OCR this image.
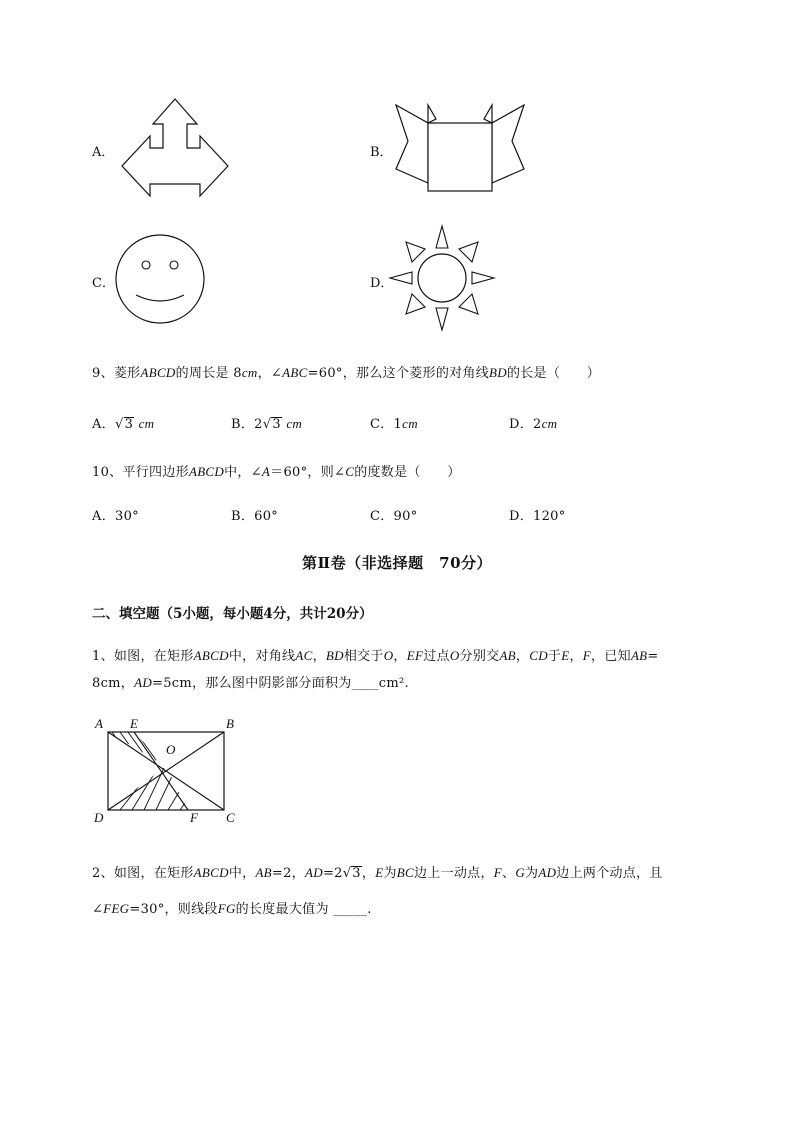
A．	B．
C．	D．
9、菱形ABCD的周长是 8cm，∠ABC=60°，那么这个菱形的对角线BD的长是（　　）
A．√3 cm	B．2√3 cm	C．1cm	D．2cm
10、平行四边形ABCD中，∠A＝60°，则∠C的度数是（　　）
A．30°	B．60°	C．90°	D．120°
第Ⅱ卷（非选择题　70分）
二、填空题（5小题，每小题4分，共计20分）
1、如图，在矩形ABCD中，对角线AC，BD相交于O，EF过点O分别交AB，CD于E，F，已知AB=
8cm，AD=5cm，那么图中阴影部分面积为____cm².
A E	B
O
D	F C
2、如图，在矩形ABCD中，AB=2，AD=2√3，E为BC边上一动点，F、G为AD边上两个动点，且
∠FEG=30°，则线段FG的长度最大值为 _____.
